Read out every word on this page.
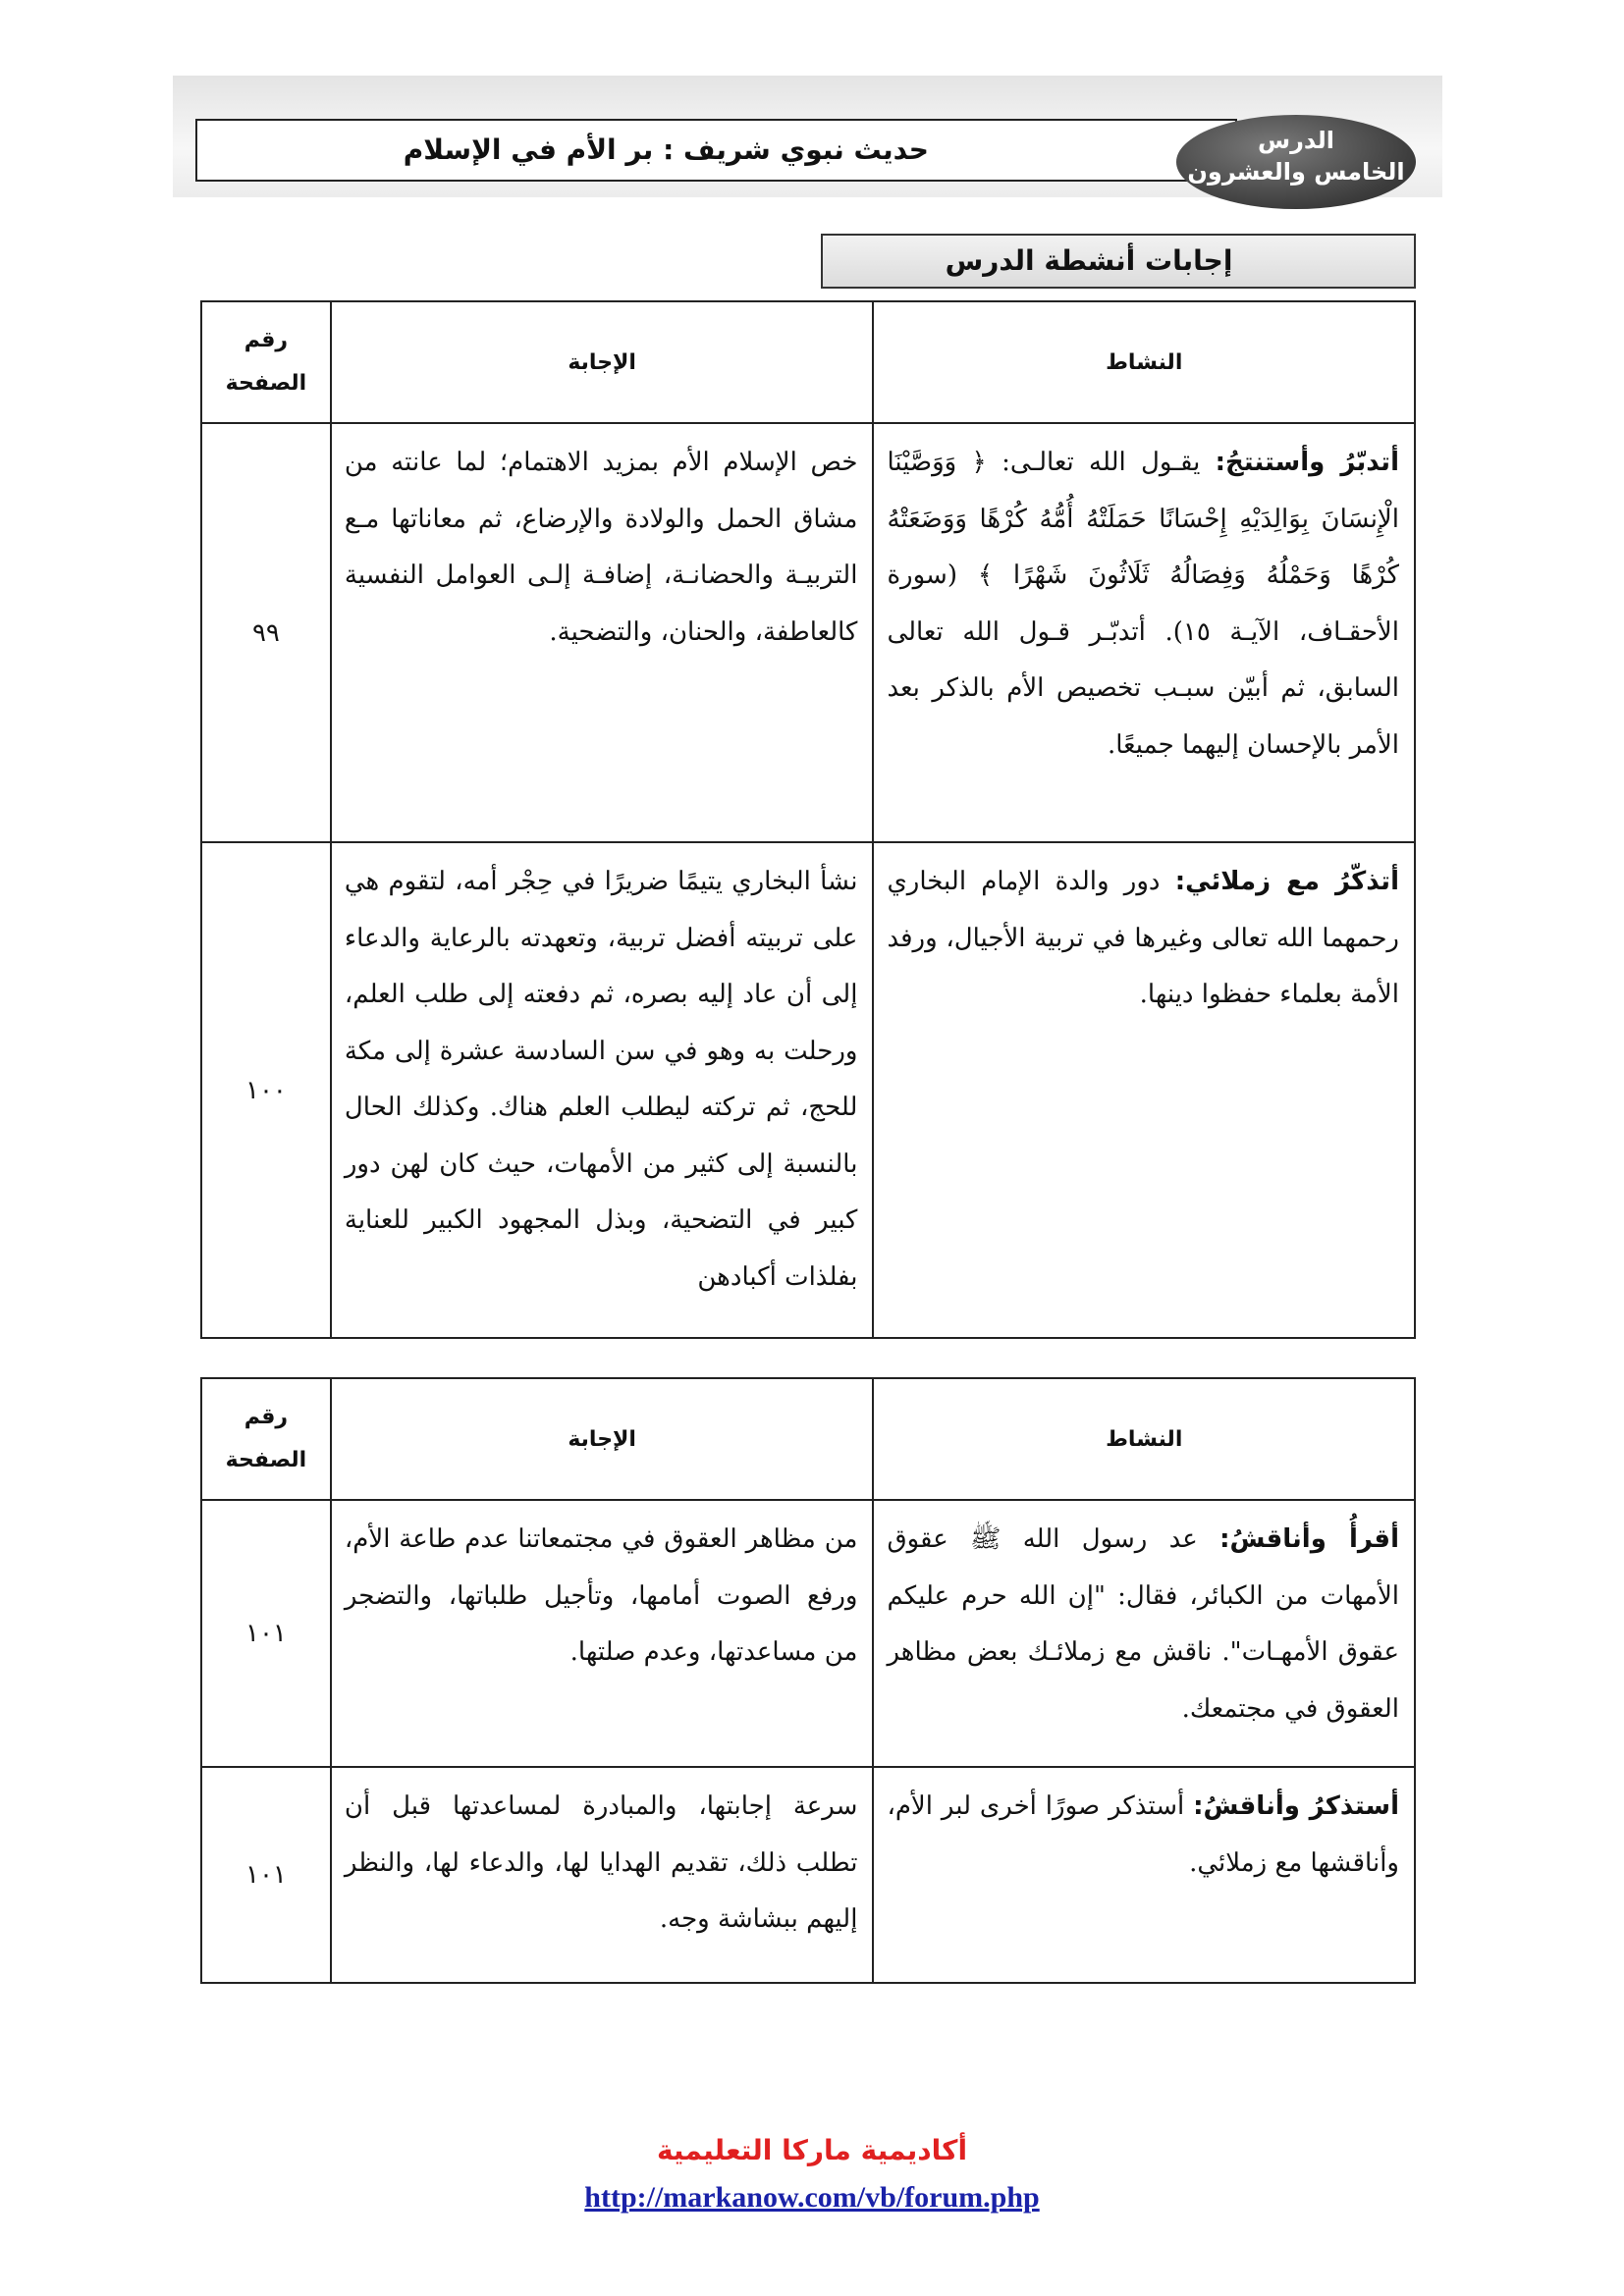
حديث نبوي شريف : بر الأم في الإسلام	الدرس
الخامس والعشرون
إجابات أنشطة الدرس
النشاط	الإجابة	رقم الصفحة

أتدبّرُ وأستنتجُ: يقـول الله تعالـى: ﴿ وَوَصَّيْنَا الْإِنسَانَ بِوَالِدَيْهِ إِحْسَانًا حَمَلَتْهُ أُمُّهُ كُرْهًا وَوَضَعَتْهُ كُرْهًا وَحَمْلُهُ وَفِصَالُهُ ثَلَاثُونَ شَهْرًا ﴾ (سورة الأحقـاف، الآيـة ١٥). أتدبّـر قـول الله تعالى السابق، ثم أبيّن سبـب تخصيص الأم بالذكر بعد الأمر بالإحسان إليهما جميعًا.	خص الإسلام الأم بمزيد الاهتمام؛ لما عانته من مشاق الحمل والولادة والإرضاع، ثم معاناتها مـع التربيـة والحضانـة، إضافـة إلـى العوامل النفسية كالعاطفة، والحنان، والتضحية.	٩٩

أتذكّرُ مع زملائي: دور والدة الإمام البخاري رحمهما الله تعالى وغيرها في تربية الأجيال، ورفد الأمة بعلماء حفظوا دينها.	نشأ البخاري يتيمًا ضريرًا في حِجْر أمه، لتقوم هي على تربيته أفضل تربية، وتعهدته بالرعاية والدعاء إلى أن عاد إليه بصره، ثم دفعته إلى طلب العلم، ورحلت به وهو في سن السادسة عشرة إلى مكة للحج، ثم تركته ليطلب العلم هناك. وكذلك الحال بالنسبة إلى كثير من الأمهات، حيث كان لهن دور كبير في التضحية، وبذل المجهود الكبير للعناية بفلذات أكبادهن	١٠٠
النشاط	الإجابة	رقم الصفحة

أقرأُ وأناقشُ: عد رسول الله ﷺ عقوق الأمهات من الكبائر، فقال: "إن الله حرم عليكم عقوق الأمهـات". ناقش مع زملائـك بعض مظاهر العقوق في مجتمعك.	من مظاهر العقوق في مجتمعاتنا عدم طاعة الأم، ورفع الصوت أمامها، وتأجيل طلباتها، والتضجر من مساعدتها، وعدم صلتها.	١٠١

أستذكرُ وأناقشُ: أستذكر صورًا أخرى لبر الأم، وأناقشها مع زملائي.	سرعة إجابتها، والمبادرة لمساعدتها قبل أن تطلب ذلك، تقديم الهدايا لها، والدعاء لها، والنظر إليهم ببشاشة وجه.	١٠١
أكاديمية ماركا التعليمية
http://markanow.com/vb/forum.php
